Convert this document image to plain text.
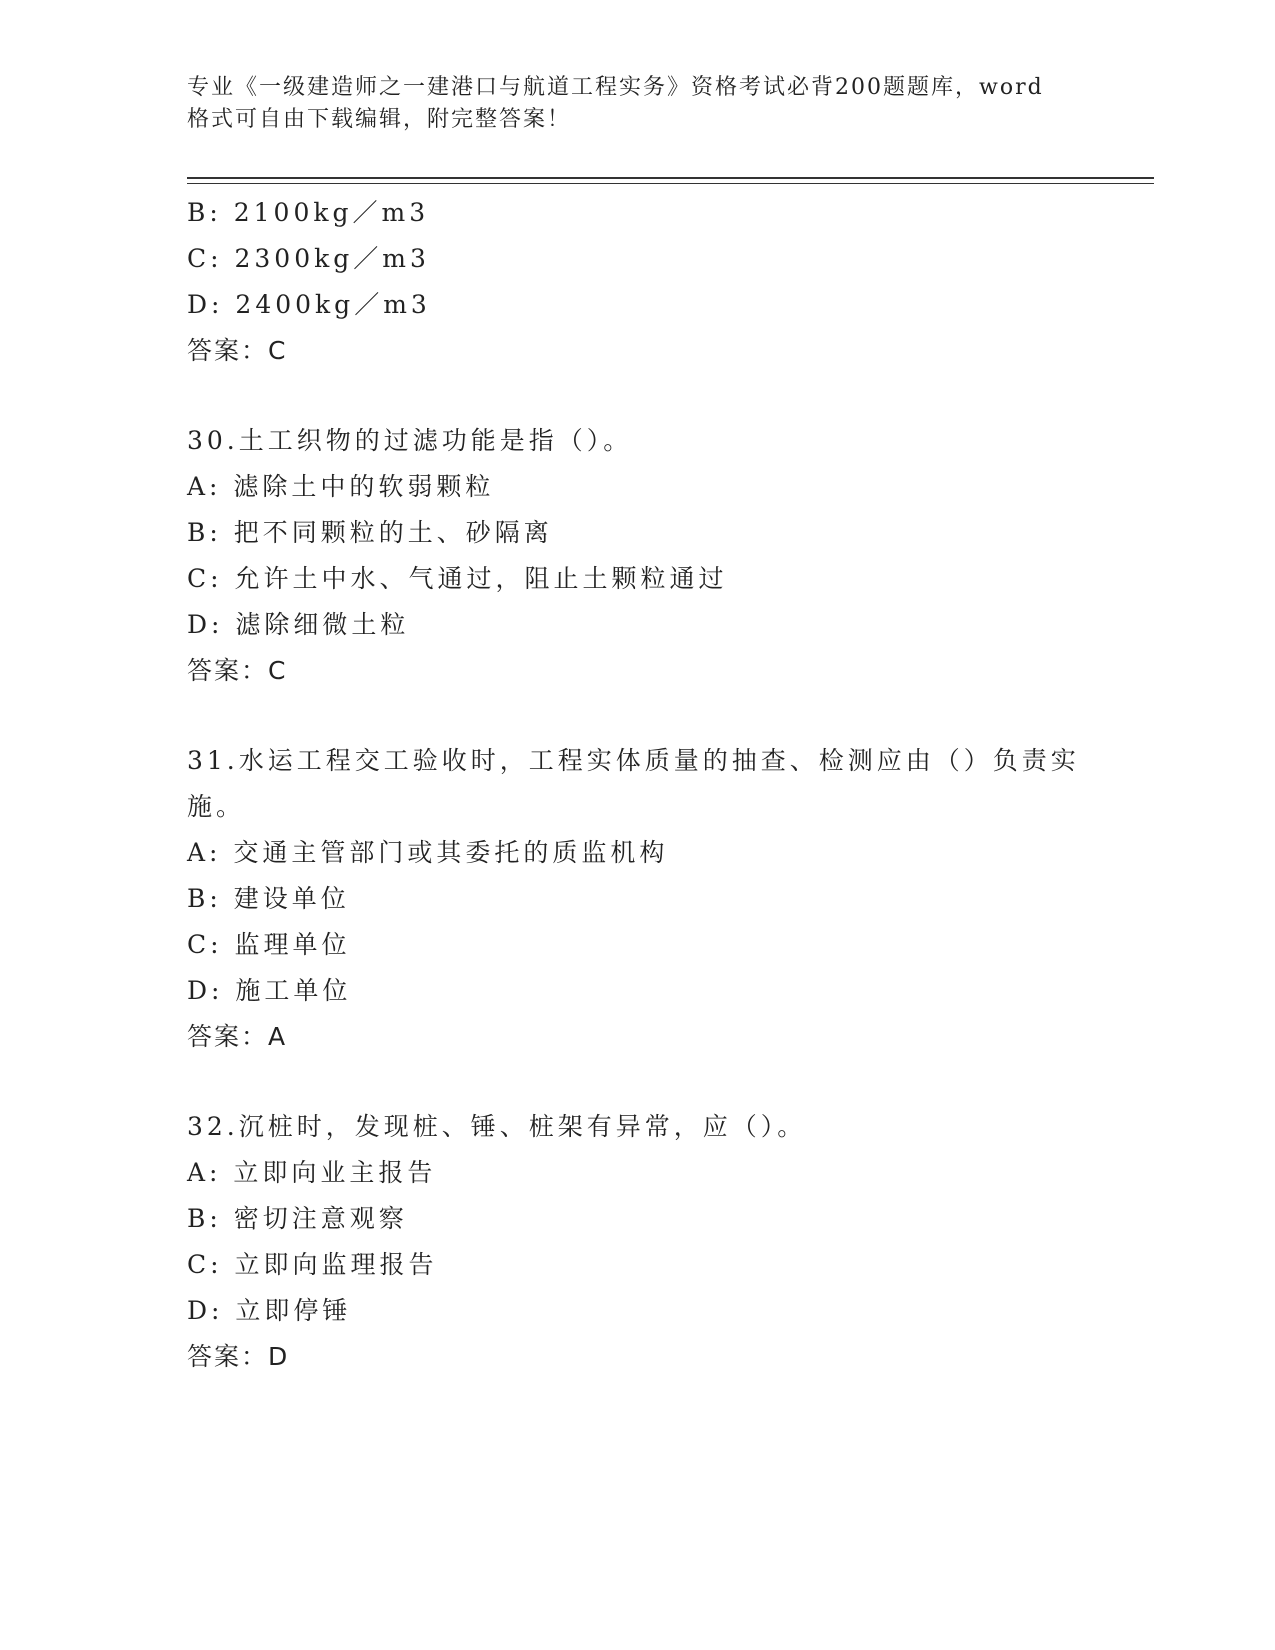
专业《一级建造师之一建港口与航道工程实务》资格考试必背200题题库，word
格式可自由下载编辑，附完整答案！
B: 2100kg／m3
C: 2300kg／m3
D: 2400kg／m3
答案：C
30.土工织物的过滤功能是指（）。
A: 滤除土中的软弱颗粒
B: 把不同颗粒的土、砂隔离
C: 允许土中水、气通过，阻止土颗粒通过
D: 滤除细微土粒
答案：C
31.水运工程交工验收时，工程实体质量的抽查、检测应由（）负责实
施。
A: 交通主管部门或其委托的质监机构
B: 建设单位
C: 监理单位
D: 施工单位
答案：A
32.沉桩时，发现桩、锤、桩架有异常，应（）。
A: 立即向业主报告
B: 密切注意观察
C: 立即向监理报告
D: 立即停锤
答案：D
